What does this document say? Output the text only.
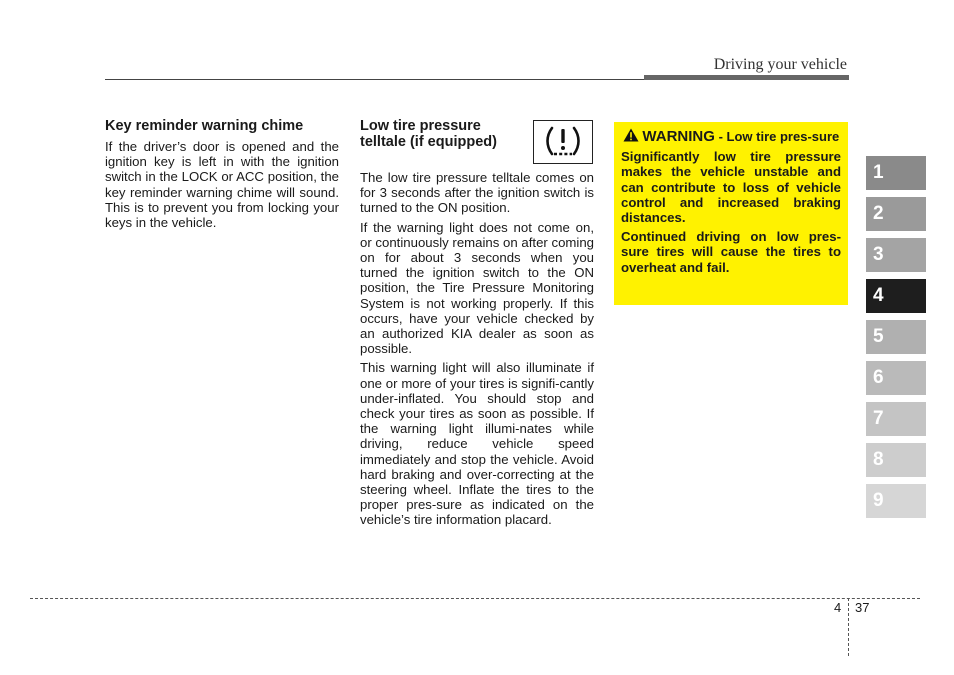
Driving your vehicle
Key reminder warning chime

If the driver’s door is opened and the ignition key is left in with the ignition switch in the LOCK or ACC position, the key reminder warning chime will sound. This is to prevent you from locking your keys in the vehicle.

Low tire pressure telltale (if equipped)

The low tire pressure telltale comes on for 3 seconds after the ignition switch is turned to the ON position.

If the warning light does not come on, or continuously remains on after coming on for about 3 seconds when you turned the ignition switch to the ON position, the Tire Pressure Monitoring System is not working properly. If this occurs, have your vehicle checked by an authorized KIA dealer as soon as possible.

This warning light will also illuminate if one or more of your tires is signifi-cantly under-inflated. You should stop and check your tires as soon as possible. If the warning light illumi-nates while driving, reduce vehicle speed immediately and stop the vehicle. Avoid hard braking and over-correcting at the steering wheel. Inflate the tires to the proper pres-sure as indicated on the vehicle’s tire information placard.

WARNING - Low tire pres-sure

Significantly low tire pressure makes the vehicle unstable and can contribute to loss of vehicle control and increased braking distances.

Continued driving on low pres-sure tires will cause the tires to overheat and fail.

1
2
3
4
5
6
7
8
9
4 37
